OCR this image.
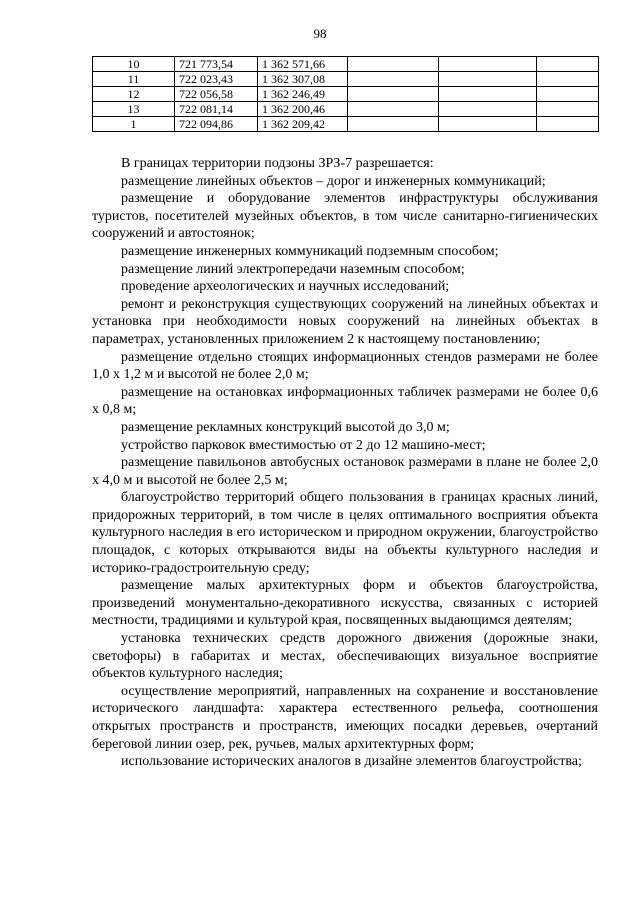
98
10	721 773,54	1 362 571,66			
11	722 023,43	1 362 307,08			
12	722 056,58	1 362 246,49			
13	722 081,14	1 362 200,46			
1	722 094,86	1 362 209,42			

В границах территории подзоны ЗРЗ-7 разрешается:

размещение линейных объектов – дорог и инженерных коммуникаций;

размещение и оборудование элементов инфраструктуры обслуживания туристов, посетителей музейных объектов, в том числе санитарно-гигиенических сооружений и автостоянок;

размещение инженерных коммуникаций подземным способом;

размещение линий электропередачи наземным способом;

проведение археологических и научных исследований;

ремонт и реконструкция существующих сооружений на линейных объектах и установка при необходимости новых сооружений на линейных объектах в параметрах, установленных приложением 2 к настоящему постановлению;

размещение отдельно стоящих информационных стендов размерами не более 1,0 х 1,2 м и высотой не более 2,0 м;

размещение на остановках информационных табличек размерами не более 0,6 х 0,8 м;

размещение рекламных конструкций высотой до 3,0 м;

устройство парковок вместимостью от 2 до 12 машино-мест;

размещение павильонов автобусных остановок размерами в плане не более 2,0 х 4,0 м и высотой не более 2,5 м;

благоустройство территорий общего пользования в границах красных линий, придорожных территорий, в том числе в целях оптимального восприятия объекта культурного наследия в его историческом и природном окружении, благоустройство площадок, с которых открываются виды на объекты культурного наследия и историко-градостроительную среду;

размещение малых архитектурных форм и объектов благоустройства, произведений монументально-декоративного искусства, связанных с историей местности, традициями и культурой края, посвященных выдающимся деятелям;

установка технических средств дорожного движения (дорожные знаки, светофоры) в габаритах и местах, обеспечивающих визуальное восприятие объектов культурного наследия;

осуществление мероприятий, направленных на сохранение и восстановление исторического ландшафта: характера естественного рельефа, соотношения открытых пространств и пространств, имеющих посадки деревьев, очертаний береговой линии озер, рек, ручьев, малых архитектурных форм;

использование исторических аналогов в дизайне элементов благоустройства;
